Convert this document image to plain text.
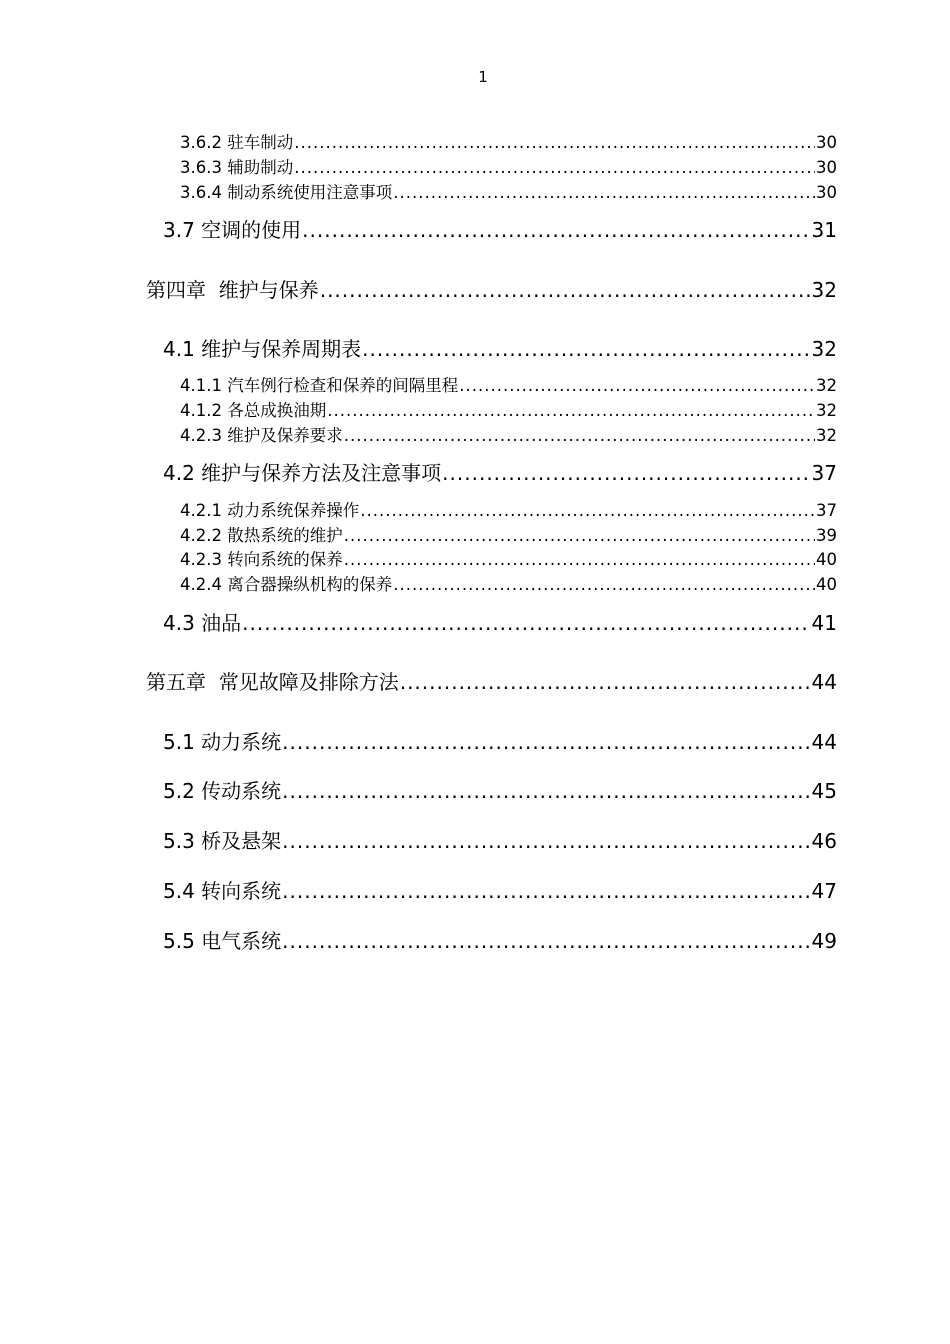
1
3.6.2 驻车制动 .....	30
3.6.3 辅助制动 .....	30
3.6.4 制动系统使用注意事项 .....	30
3.7 空调的使用 .....	31
第四章  维护与保养 .....	32
4.1 维护与保养周期表 .....	32
4.1.1 汽车例行检查和保养的间隔里程 .....	32
4.1.2 各总成换油期 .....	32
4.2.3 维护及保养要求 .....	32
4.2 维护与保养方法及注意事项 .....	37
4.2.1 动力系统保养操作 .....	37
4.2.2 散热系统的维护 .....	39
4.2.3 转向系统的保养 .....	40
4.2.4 离合器操纵机构的保养 .....	40
4.3 油品 .....	41
第五章  常见故障及排除方法 .....	44
5.1 动力系统 .....	44
5.2 传动系统 .....	45
5.3 桥及悬架 .....	46
5.4 转向系统 .....	47
5.5 电气系统 .....	49
